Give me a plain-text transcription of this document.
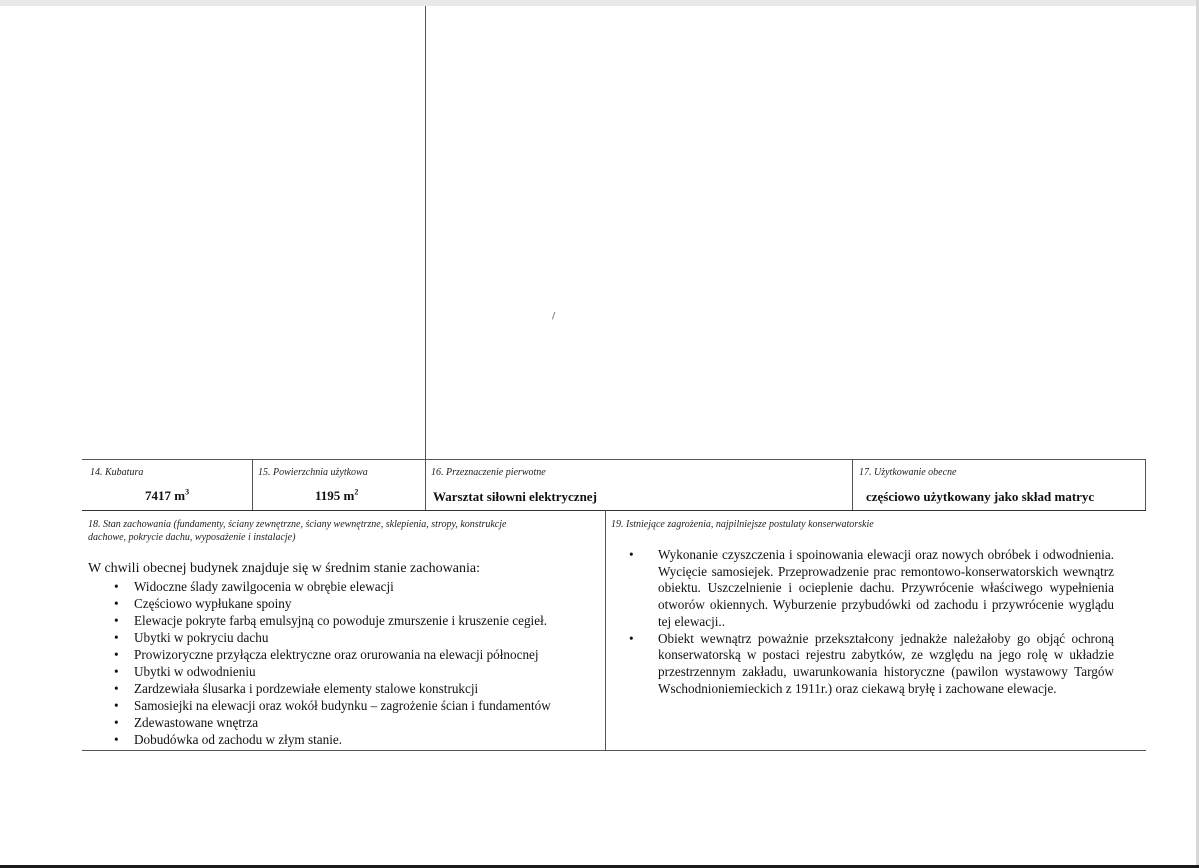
14. Kubatura
7417 $m^3$
15. Powierzchnia użytkowa
1195 $m^2$
16. Przeznaczenie pierwotne
Warsztat siłowni elektrycznej
17. Użytkowanie obecne
częściowo użytkowany jako skład matryc
18. Stan zachowania (fundamenty, ściany zewnętrzne, ściany wewnętrzne, sklepienia, stropy, konstrukcje
dachowe, pokrycie dachu, wyposażenie i instalacje)
W chwili obecnej budynek znajduje się w średnim stanie zachowania:
• Widoczne ślady zawilgocenia w obrębie elewacji
• Częściowo wypłukane spoiny
• Elewacje pokryte farbą emulsyjną co powoduje zmurszenie i kruszenie cegieł.
• Ubytki w pokryciu dachu
• Prowizoryczne przyłącza elektryczne oraz orurowania na elewacji północnej
• Ubytki w odwodnieniu
• Zardzewiała ślusarka i pordzewiałe elementy stalowe konstrukcji
• Samosiejki na elewacji oraz wokół budynku – zagrożenie ścian i fundamentów
• Zdewastowane wnętrza
• Dobudówka od zachodu w złym stanie.
19. Istniejące zagrożenia, najpilniejsze postulaty konserwatorskie
• Wykonanie czyszczenia i spoinowania elewacji oraz nowych obróbek i odwodnienia. Wycięcie samosiejek. Przeprowadzenie prac remontowo-konserwatorskich wewnątrz obiektu. Uszczelnienie i ocieplenie dachu. Przywrócenie właściwego wypełnienia otworów okiennych. Wyburzenie przybudówki od zachodu i przywrócenie wyglądu tej elewacji..
• Obiekt wewnątrz poważnie przekształcony jednakże należałoby go objąć ochroną konserwatorską w postaci rejestru zabytków, ze względu na jego rolę w układzie przestrzennym zakładu, uwarunkowania historyczne (pawilon wystawowy Targów Wschodnioniemieckich z 1911r.) oraz ciekawą bryłę i zachowane elewacje.
